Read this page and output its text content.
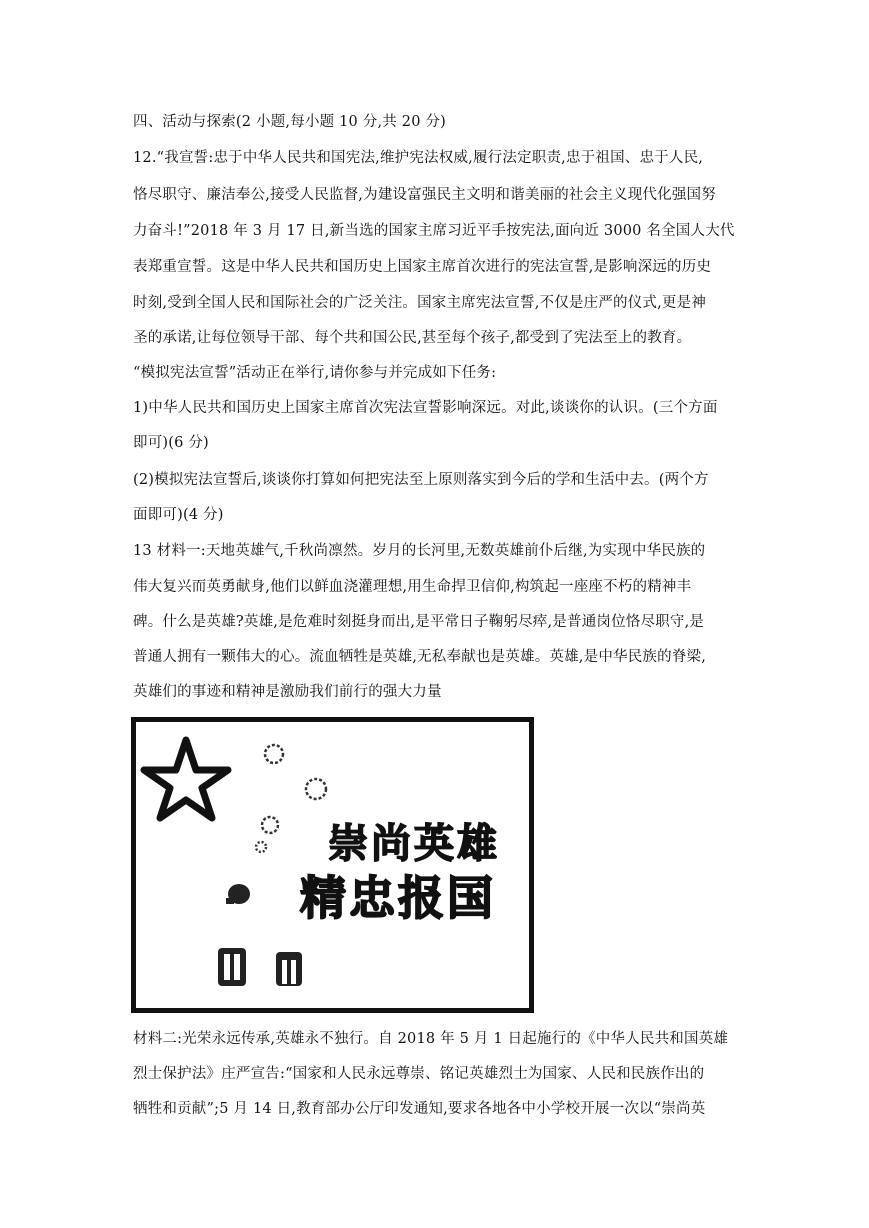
四、活动与探索(2 小题,每小题 10 分,共 20 分)
12.“我宣誓:忠于中华人民共和国宪法,维护宪法权威,履行法定职责,忠于祖国、忠于人民,
恪尽职守、廉洁奉公,接受人民监督,为建设富强民主文明和谐美丽的社会主义现代化强国努
力奋斗!”2018 年 3 月 17 日,新当选的国家主席习近平手按宪法,面向近 3000 名全国人大代
表郑重宣誓。这是中华人民共和国历史上国家主席首次进行的宪法宣誓,是影响深远的历史
时刻,受到全国人民和国际社会的广泛关注。国家主席宪法宣誓,不仅是庄严的仪式,更是神
圣的承诺,让每位领导干部、每个共和国公民,甚至每个孩子,都受到了宪法至上的教育。
“模拟宪法宣誓”活动正在举行,请你参与并完成如下任务:
1)中华人民共和国历史上国家主席首次宪法宣誓影响深远。对此,谈谈你的认识。(三个方面
即可)(6 分)
(2)模拟宪法宣誓后,谈谈你打算如何把宪法至上原则落实到今后的学和生活中去。(两个方
面即可)(4 分)
13 材料一:天地英雄气,千秋尚凛然。岁月的长河里,无数英雄前仆后继,为实现中华民族的
伟大复兴而英勇献身,他们以鲜血浇灌理想,用生命捍卫信仰,构筑起一座座不朽的精神丰
碑。什么是英雄?英雄,是危难时刻挺身而出,是平常日子鞠躬尽瘁,是普通岗位恪尽职守,是
普通人拥有一颗伟大的心。流血牺牲是英雄,无私奉献也是英雄。英雄,是中华民族的脊梁,
英雄们的事迹和精神是激励我们前行的强大力量
崇尚英雄
精忠报国
材料二:光荣永远传承,英雄永不独行。自 2018 年 5 月 1 日起施行的《中华人民共和国英雄
烈士保护法》庄严宣告:“国家和人民永远尊崇、铭记英雄烈士为国家、人民和民族作出的
牺牲和贡献”;5 月 14 日,教育部办公厅印发通知,要求各地各中小学校开展一次以“崇尚英
